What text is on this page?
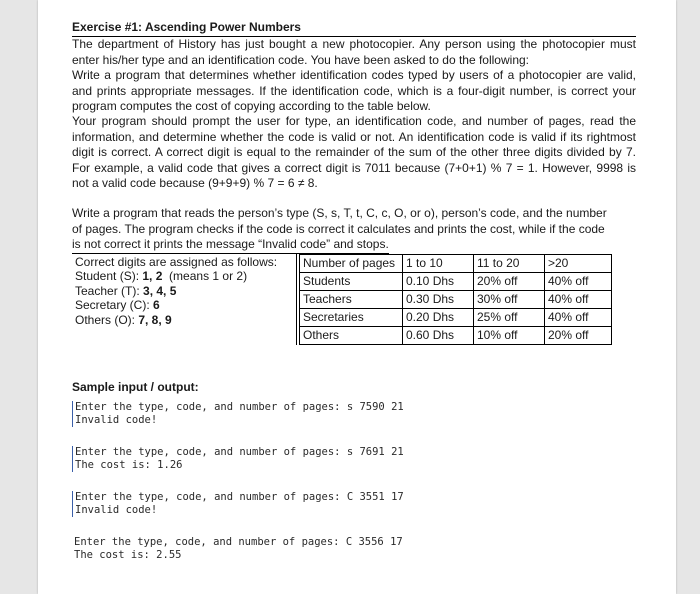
Exercise #1: Ascending Power Numbers

The department of History has just bought a new photocopier. Any person using the photocopier must enter his/her type and an identification code. You have been asked to do the following:

Write a program that determines whether identification codes typed by users of a photocopier are valid, and prints appropriate messages. If the identification code, which is a four-digit number, is correct your program computes the cost of copying according to the table below.

Your program should prompt the user for type, an identification code, and number of pages, read the information, and determine whether the code is valid or not. An identification code is valid if its rightmost digit is correct. A correct digit is equal to the remainder of the sum of the other three digits divided by 7. For example, a valid code that gives a correct digit is 7011 because (7+0+1) % 7 = 1. However, 9998 is not a valid code because (9+9+9) % 7 = 6 ≠ 8.

Write a program that reads the person’s type (S, s, T, t, C, c, O, or o), person’s code, and the number
of pages. The program checks if the code is correct it calculates and prints the cost, while if the code
is not correct it prints the message “Invalid code” and stops.
Correct digits are assigned as follows:
Student (S): 1, 2  (means 1 or 2)
Teacher (T): 3, 4, 5
Secretary (C): 6
Others (O): 7, 8, 9

Number of pages	1 to 10	11 to 20	>20
Students	0.10 Dhs	20% off	40% off
Teachers	0.30 Dhs	30% off	40% off
Secretaries	0.20 Dhs	25% off	40% off
Others	0.60 Dhs	10% off	20% off
Sample input / output:
Enter the type, code, and number of pages: s 7590 21
Invalid code!
Enter the type, code, and number of pages: s 7691 21
The cost is: 1.26
Enter the type, code, and number of pages: C 3551 17
Invalid code!
Enter the type, code, and number of pages: C 3556 17
The cost is: 2.55
